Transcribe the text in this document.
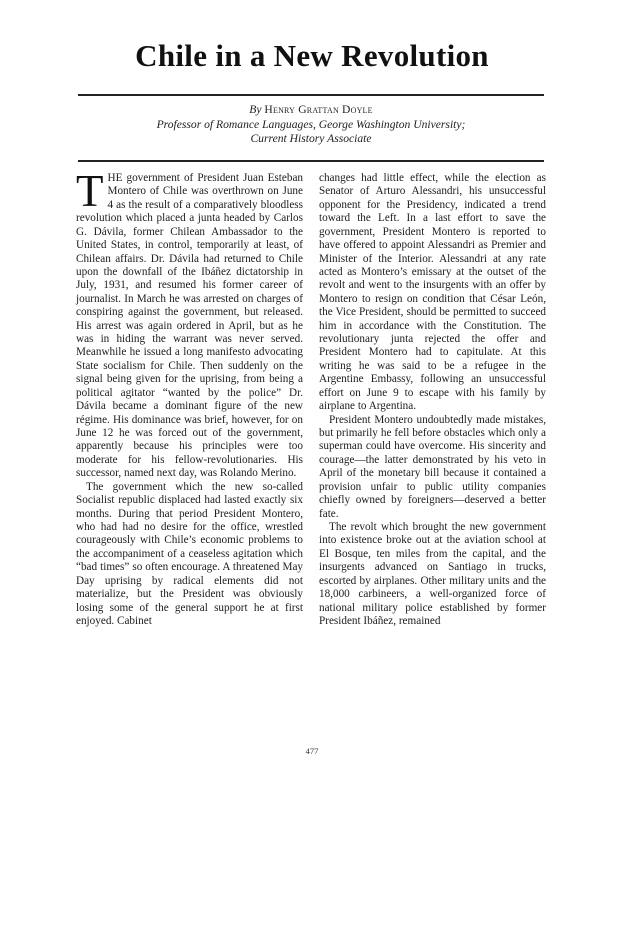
Chile in a New Revolution
By Henry Grattan Doyle
Professor of Romance Languages, George Washington University;
Current History Associate

THE government of President Juan Esteban Montero of Chile was overthrown on June 4 as the result of a comparatively bloodless revolution which placed a junta headed by Carlos G. Dávila, former Chilean Ambassador to the United States, in control, temporarily at least, of Chilean affairs. Dr. Dávila had returned to Chile upon the downfall of the Ibáñez dictatorship in July, 1931, and resumed his former career of journalist. In March he was arrested on charges of conspiring against the government, but released. His arrest was again ordered in April, but as he was in hiding the warrant was never served. Meanwhile he issued a long manifesto advocating State socialism for Chile. Then suddenly on the signal being given for the uprising, from being a political agitator “wanted by the police” Dr. Dávila became a dominant figure of the new régime. His dominance was brief, however, for on June 12 he was forced out of the government, apparently because his principles were too moderate for his fellow-revolutionaries. His successor, named next day, was Rolando Merino.

The government which the new so-called Socialist republic displaced had lasted exactly six months. During that period President Montero, who had had no desire for the office, wrestled courageously with Chile’s economic problems to the accompaniment of a ceaseless agitation which “bad times” so often encourage. A threatened May Day uprising by radical elements did not materialize, but the President was obviously losing some of the general support he at first enjoyed. Cabinet

changes had little effect, while the election as Senator of Arturo Alessandri, his unsuccessful opponent for the Presidency, indicated a trend toward the Left. In a last effort to save the government, President Montero is reported to have offered to appoint Alessandri as Premier and Minister of the Interior. Alessandri at any rate acted as Montero’s emissary at the outset of the revolt and went to the insurgents with an offer by Montero to resign on condition that César León, the Vice President, should be permitted to succeed him in accordance with the Constitution. The revolutionary junta rejected the offer and President Montero had to capitulate. At this writing he was said to be a refugee in the Argentine Embassy, following an unsuccessful effort on June 9 to escape with his family by airplane to Argentina.

President Montero undoubtedly made mistakes, but primarily he fell before obstacles which only a superman could have overcome. His sincerity and courage—the latter demonstrated by his veto in April of the monetary bill because it contained a provision unfair to public utility companies chiefly owned by foreigners—deserved a better fate.

The revolt which brought the new government into existence broke out at the aviation school at El Bosque, ten miles from the capital, and the insurgents advanced on Santiago in trucks, escorted by airplanes. Other military units and the 18,000 carbineers, a well-organized force of national military police established by former President Ibáñez, remained

477
